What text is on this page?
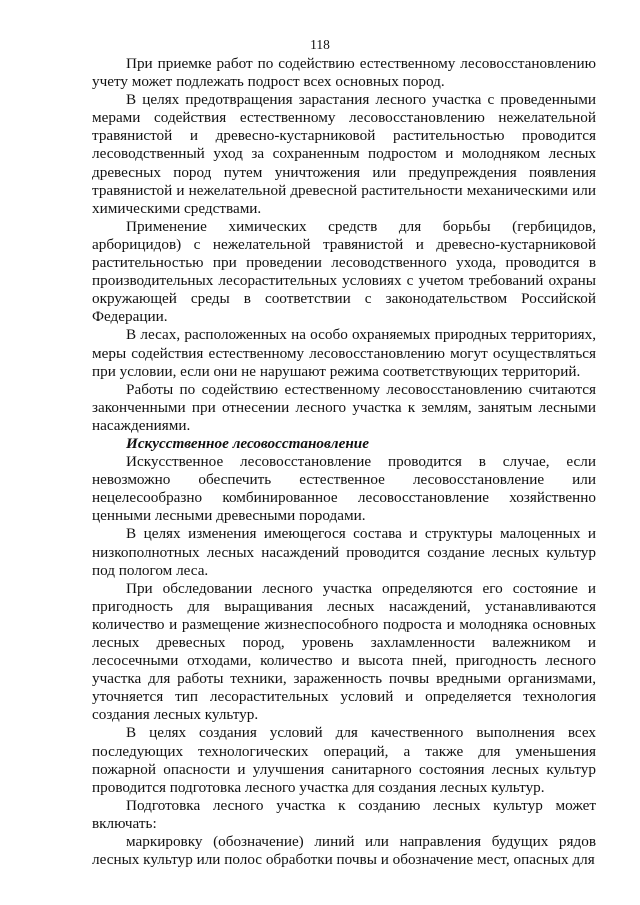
118

При приемке работ по содействию естественному лесовосстановлению учету может подлежать подрост всех основных пород.

В целях предотвращения зарастания лесного участка с проведенными мерами содействия естественному лесовосстановлению нежелательной травянистой и древесно-кустарниковой растительностью проводится лесоводственный уход за сохраненным подростом и молодняком лесных древесных пород путем уничтожения или предупреждения появления травянистой и нежелательной древесной растительности механическими или химическими средствами.

Применение химических средств для борьбы (гербицидов, арборицидов) с нежелательной травянистой и древесно-кустарниковой растительностью при проведении лесоводственного ухода, проводится в производительных лесорастительных условиях с учетом требований охраны окружающей среды в соответствии с законодательством Российской Федерации.

В лесах, расположенных на особо охраняемых природных территориях, меры содействия естественному лесовосстановлению могут осуществляться при условии, если они не нарушают режима соответствующих территорий.

Работы по содействию естественному лесовосстановлению считаются законченными при отнесении лесного участка к землям, занятым лесными насаждениями.

Искусственное лесовосстановление

Искусственное лесовосстановление проводится в случае, если невозможно обеспечить естественное лесовосстановление или нецелесообразно комбинированное лесовосстановление хозяйственно ценными лесными древесными породами.

В целях изменения имеющегося состава и структуры малоценных и низкополнотных лесных насаждений проводится создание лесных культур под пологом леса.

При обследовании лесного участка определяются его состояние и пригодность для выращивания лесных насаждений, устанавливаются количество и размещение жизнеспособного подроста и молодняка основных лесных древесных пород, уровень захламленности валежником и лесосечными отходами, количество и высота пней, пригодность лесного участка для работы техники, зараженность почвы вредными организмами, уточняется тип лесорастительных условий и определяется технология создания лесных культур.

В целях создания условий для качественного выполнения всех последующих технологических операций, а также для уменьшения пожарной опасности и улучшения санитарного состояния лесных культур проводится подготовка лесного участка для создания лесных культур.

Подготовка лесного участка к созданию лесных культур может включать:

маркировку (обозначение) линий или направления будущих рядов лесных культур или полос обработки почвы и обозначение мест, опасных для
